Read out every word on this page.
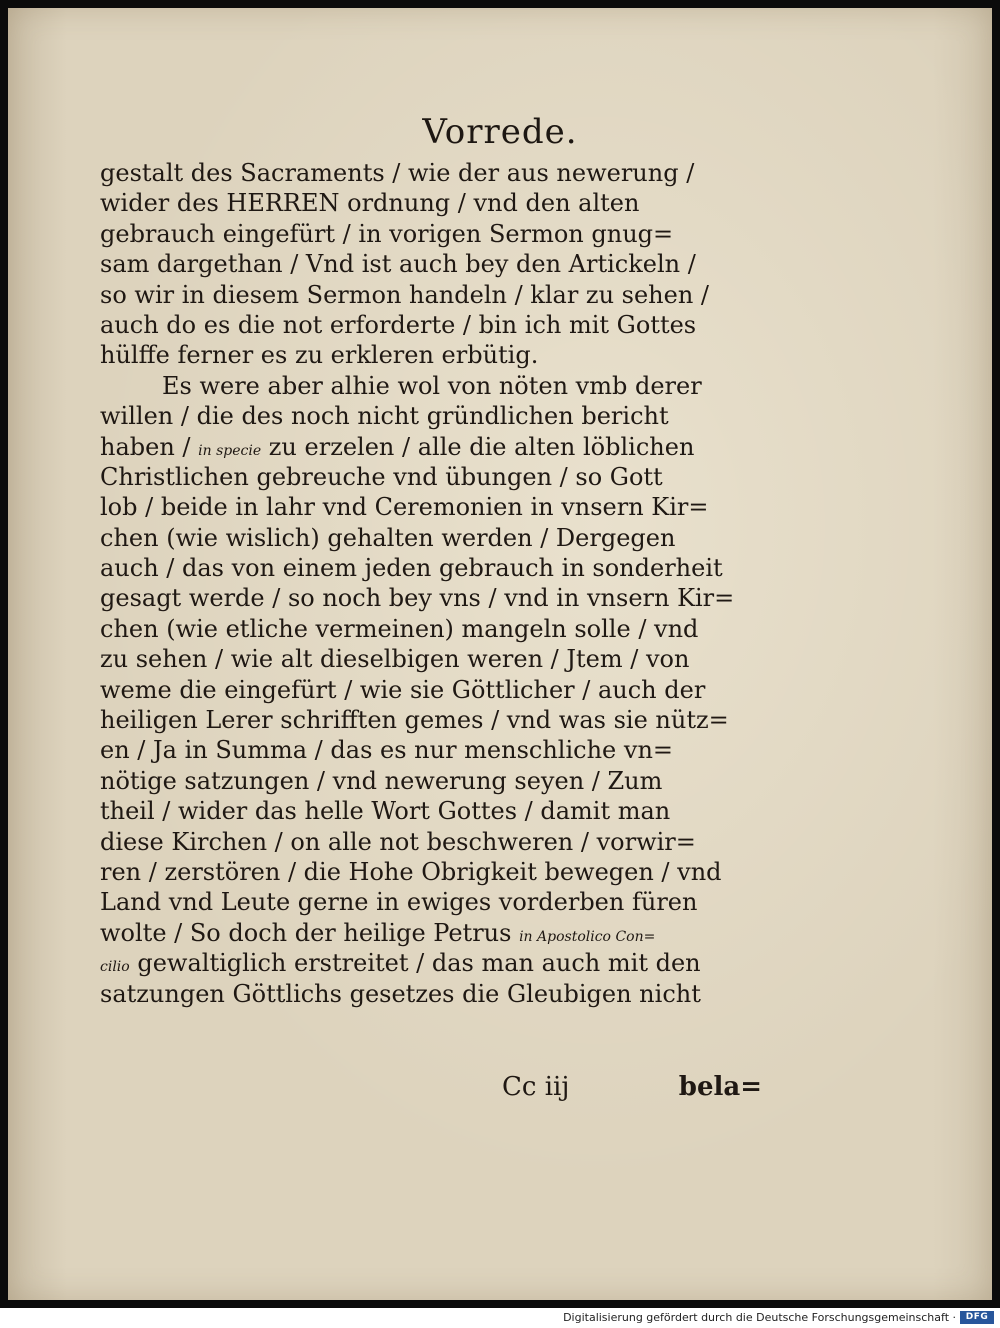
Vorrede.
gestalt des Sacraments / wie der aus newerung /
wider des HERREN ordnung / vnd den alten
gebrauch eingefürt / in vorigen Sermon gnug=
sam dargethan / Vnd ist auch bey den Artickeln /
so wir in diesem Sermon handeln / klar zu sehen /
auch do es die not erforderte / bin ich mit Gottes
hülffe ferner es zu erkleren erbütig.
Es were aber alhie wol von nöten vmb derer
willen / die des noch nicht gründlichen bericht
haben / in specie zu erzelen / alle die alten löblichen
Christlichen gebreuche vnd übungen / so Gott
lob / beide in lahr vnd Ceremonien in vnsern Kir=
chen (wie wislich) gehalten werden / Dergegen
auch / das von einem jeden gebrauch in sonderheit
gesagt werde / so noch bey vns / vnd in vnsern Kir=
chen (wie etliche vermeinen) mangeln solle / vnd
zu sehen / wie alt dieselbigen weren / Jtem / von
weme die eingefürt / wie sie Göttlicher / auch der
heiligen Lerer schrifften gemes / vnd was sie nütz=
en / Ja in Summa / das es nur menschliche vn=
nötige satzungen / vnd newerung seyen / Zum
theil / wider das helle Wort Gottes / damit man
diese Kirchen / on alle not beschweren / vorwir=
ren / zerstören / die Hohe Obrigkeit bewegen / vnd
Land vnd Leute gerne in ewiges vorderben füren
wolte / So doch der heilige Petrus in Apostolico Con=
cilio gewaltiglich erstreitet / das man auch mit den
satzungen Göttlichs gesetzes die Gleubigen nicht
Cc iij	bela=
Digitalisierung gefördert durch die Deutsche Forschungsgemeinschaft ·	DFG
